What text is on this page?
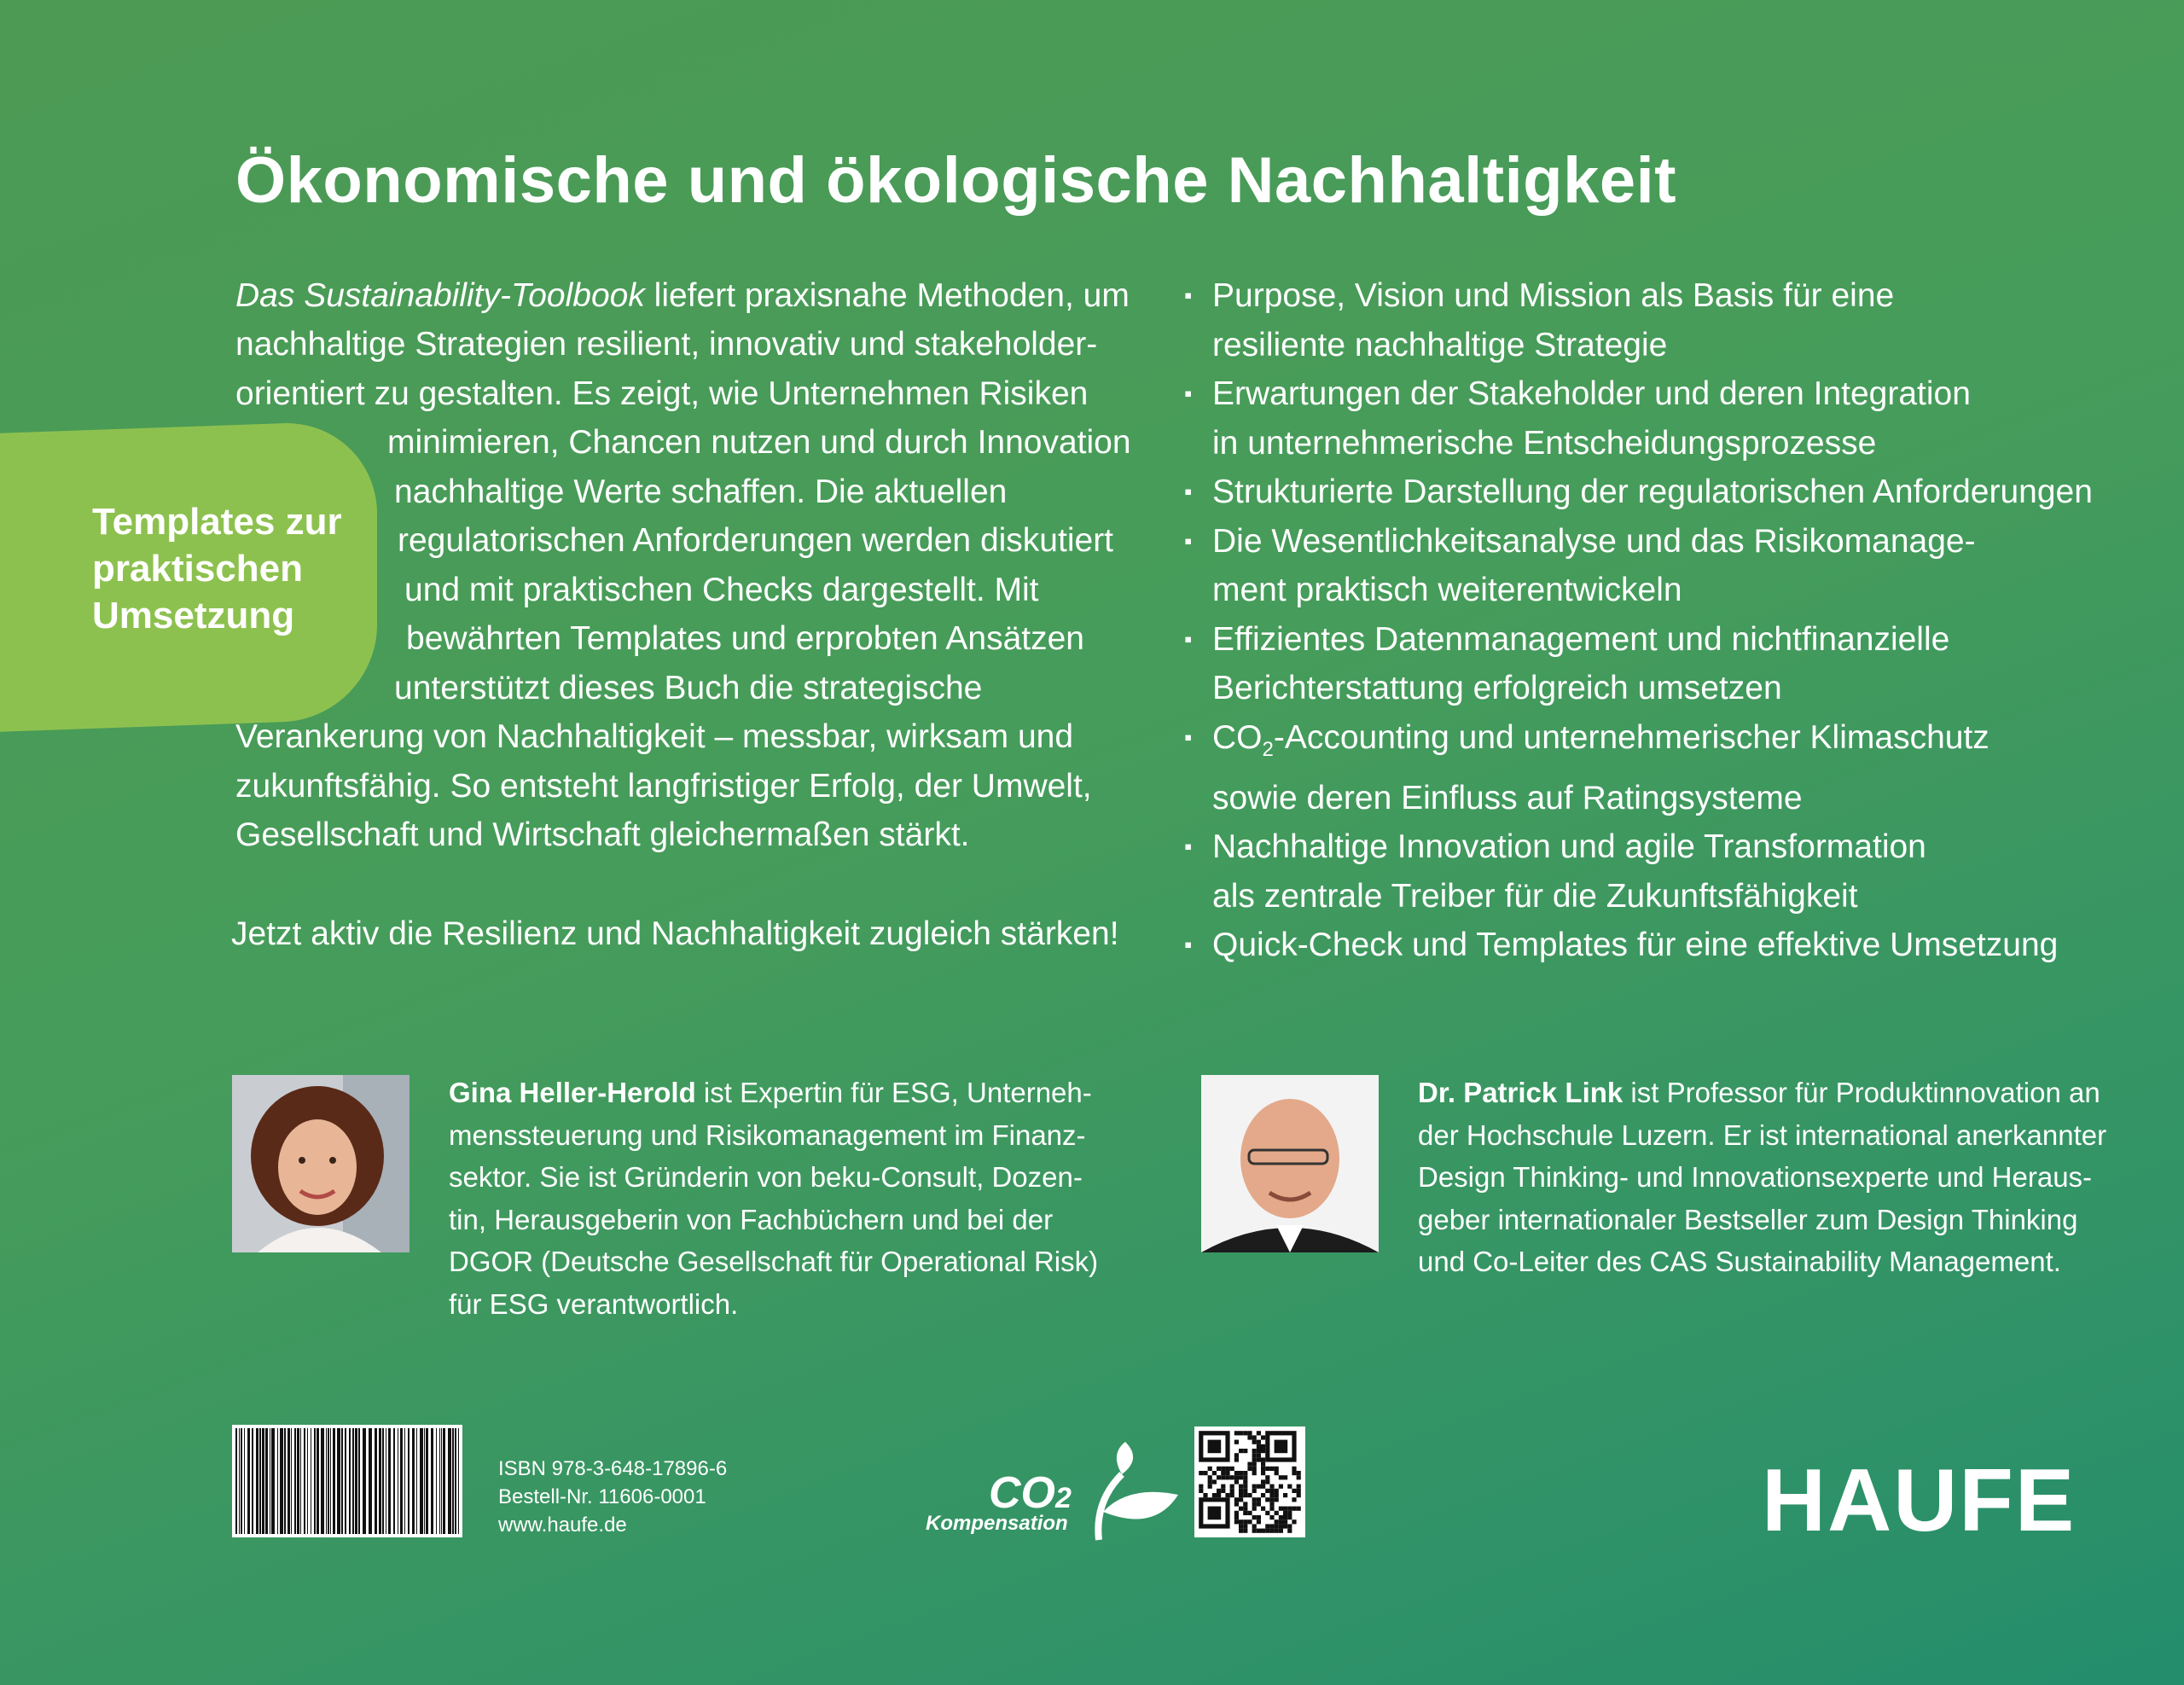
Ökonomische und ökologische Nachhaltigkeit
Das Sustainability-Toolbook liefert praxisnahe Methoden, um
nachhaltige Strategien resilient, innovativ und stakeholder-
orientiert zu gestalten. Es zeigt, wie Unternehmen Risiken
minimieren, Chancen nutzen und durch Innovation
nachhaltige Werte schaffen. Die aktuellen
regulatorischen Anforderungen werden diskutiert
und mit praktischen Checks dargestellt. Mit
bewährten Templates und erprobten Ansätzen
unterstützt dieses Buch die strategische
Verankerung von Nachhaltigkeit – messbar, wirksam und
zukunftsfähig. So entsteht langfristiger Erfolg, der Umwelt,
Gesellschaft und Wirtschaft gleichermaßen stärkt.
Jetzt aktiv die Resilienz und Nachhaltigkeit zugleich stärken!
Templates zur
praktischen
Umsetzung
▪ Purpose, Vision und Mission als Basis für eine
resiliente nachhaltige Strategie
▪ Erwartungen der Stakeholder und deren Integration
in unternehmerische Entscheidungsprozesse
▪ Strukturierte Darstellung der regulatorischen Anforderungen
▪ Die Wesentlichkeitsanalyse und das Risikomanage-
ment praktisch weiterentwickeln
▪ Effizientes Datenmanagement und nichtfinanzielle
Berichterstattung erfolgreich umsetzen
▪ $CO_2$-Accounting und unternehmerischer Klimaschutz
sowie deren Einfluss auf Ratingsysteme
▪ Nachhaltige Innovation und agile Transformation
als zentrale Treiber für die Zukunftsfähigkeit
▪ Quick-Check und Templates für eine effektive Umsetzung
Gina Heller-Herold ist Expertin für ESG, Unterneh-
menssteuerung und Risikomanagement im Finanz-
sektor. Sie ist Gründerin von beku-Consult, Dozen-
tin, Herausgeberin von Fachbüchern und bei der
DGOR (Deutsche Gesellschaft für Operational Risk)
für ESG verantwortlich.
Dr. Patrick Link ist Professor für Produktinnovation an
der Hochschule Luzern. Er ist international anerkannter
Design Thinking- und Innovationsexperte und Heraus-
geber internationaler Bestseller zum Design Thinking
und Co-Leiter des CAS Sustainability Management.
ISBN 978-3-648-17896-6
Bestell-Nr. 11606-0001
www.haufe.de
CO2
Kompensation	HAUFE
